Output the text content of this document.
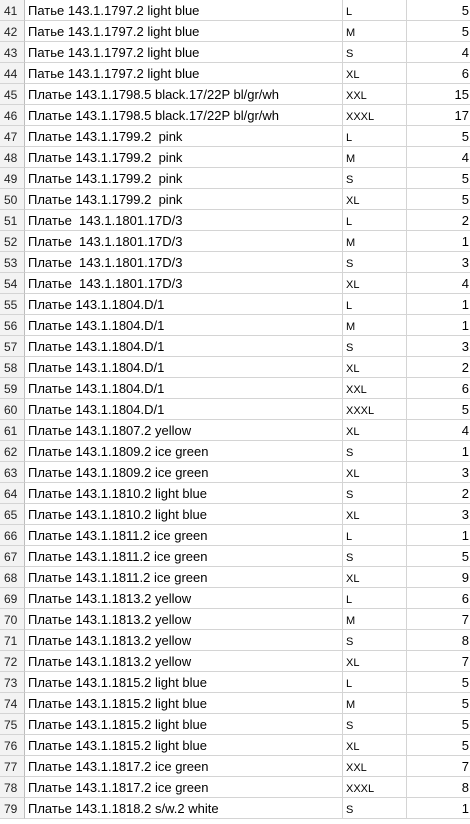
41 Патье 143.1.1797.2 light blue	L	5
42 Патье 143.1.1797.2 light blue	M	5
43 Патье 143.1.1797.2 light blue	S	4
44 Патье 143.1.1797.2 light blue	XL	6
45 Платье 143.1.1798.5 black.17/22P bl/gr/wh	XXL	15
46 Платье 143.1.1798.5 black.17/22P bl/gr/wh	XXXL	17
47 Платье 143.1.1799.2  pink	L	5
48 Платье 143.1.1799.2  pink	M	4
49 Платье 143.1.1799.2  pink	S	5
50 Платье 143.1.1799.2  pink	XL	5
51 Платье  143.1.1801.17D/3	L	2
52 Платье  143.1.1801.17D/3	M	1
53 Платье  143.1.1801.17D/3	S	3
54 Платье  143.1.1801.17D/3	XL	4
55 Платье 143.1.1804.D/1	L	1
56 Платье 143.1.1804.D/1	M	1
57 Платье 143.1.1804.D/1	S	3
58 Платье 143.1.1804.D/1	XL	2
59 Платье 143.1.1804.D/1	XXL	6
60 Платье 143.1.1804.D/1	XXXL	5
61 Платье 143.1.1807.2 yellow	XL	4
62 Платье 143.1.1809.2 ice green	S	1
63 Платье 143.1.1809.2 ice green	XL	3
64 Платье 143.1.1810.2 light blue	S	2
65 Платье 143.1.1810.2 light blue	XL	3
66 Платье 143.1.1811.2 ice green	L	1
67 Платье 143.1.1811.2 ice green	S	5
68 Платье 143.1.1811.2 ice green	XL	9
69 Платье 143.1.1813.2 yellow	L	6
70 Платье 143.1.1813.2 yellow	M	7
71 Платье 143.1.1813.2 yellow	S	8
72 Платье 143.1.1813.2 yellow	XL	7
73 Платье 143.1.1815.2 light blue	L	5
74 Платье 143.1.1815.2 light blue	M	5
75 Платье 143.1.1815.2 light blue	S	5
76 Платье 143.1.1815.2 light blue	XL	5
77 Платье 143.1.1817.2 ice green	XXL	7
78 Платье 143.1.1817.2 ice green	XXXL	8
79 Платье 143.1.1818.2 s/w.2 white	S	1
